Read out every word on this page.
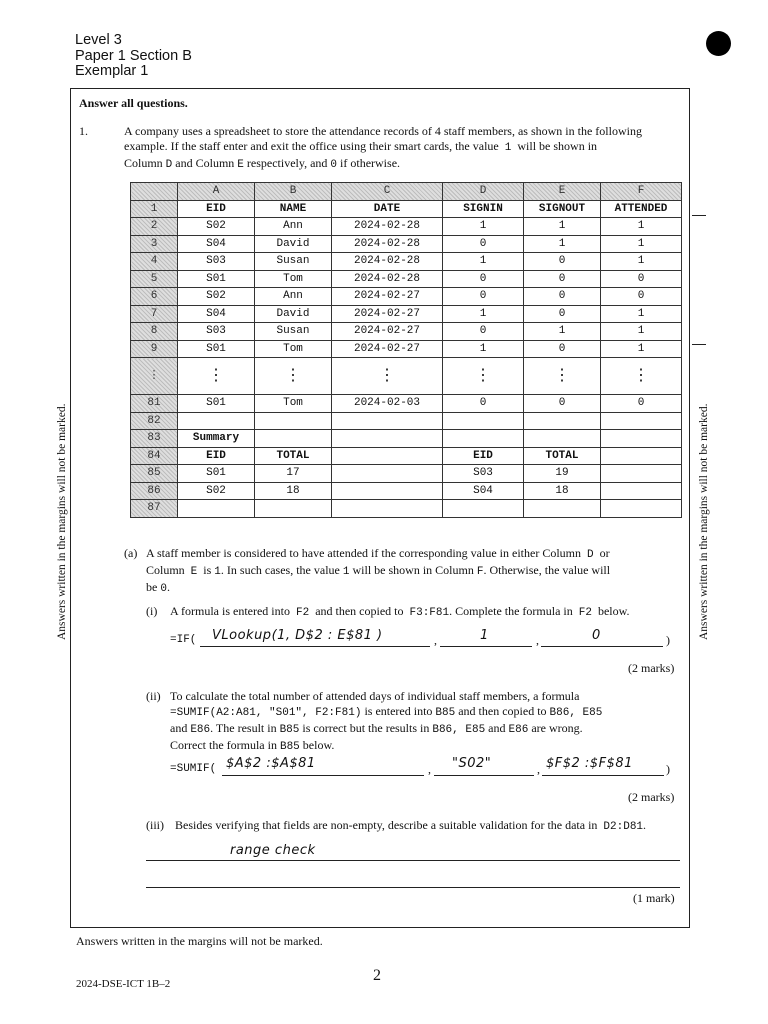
Level 3
Paper 1 Section B
Exemplar 1
Answer all questions.
1.	A company uses a spreadsheet to store the attendance records of 4 staff members, as shown in the following
example. If the staff enter and exit the office using their smart cards, the value 1 will be shown in
Column D and Column E respectively, and 0 if otherwise.
	A	B	C	D	E	F
1	EID	NAME	DATE	SIGNIN	SIGNOUT	ATTENDED
2	S02	Ann	2024-02-28	1	1	1
3	S04	David	2024-02-28	0	1	1
4	S03	Susan	2024-02-28	1	0	1
5	S01	Tom	2024-02-28	0	0	0
6	S02	Ann	2024-02-27	0	0	0
7	S04	David	2024-02-27	1	0	1
8	S03	Susan	2024-02-27	0	1	1
9	S01	Tom	2024-02-27	1	0	1
⋮	⋮	⋮	⋮	⋮	⋮	⋮
81	S01	Tom	2024-02-03	0	0	0
82						
83	Summary					
84	EID	TOTAL		EID	TOTAL	
85	S01	17		S03	19	
86	S02	18		S04	18	
87						
(a) A staff member is considered to have attended if the corresponding value in either Column D or
Column E is 1. In such cases, the value 1 will be shown in Column F. Otherwise, the value will
be 0.
(i) A formula is entered into F2 and then copied to F3:F81. Complete the formula in F2 below.
=IF( VLookup(1, D$2 : E$81 )	,	1	,	0	)
(2 marks)
(ii) To calculate the total number of attended days of individual staff members, a formula
=SUMIF(A2:A81, "S01", F2:F81) is entered into B85 and then copied to B86, E85
and E86. The result in B85 is correct but the results in B86, E85 and E86 are wrong.
Correct the formula in B85 below.
=SUMIF( $A$2 :$A$81	, "S02"	, $F$2 :$F$81	)
(2 marks)
(iii) Besides verifying that fields are non-empty, describe a suitable validation for the data in D2:D81.
range check
(1 mark)
Answers written in the margins will not be marked.
Answers written in the margins will not be marked.	Answers written in the margins will not be marked.
2024-DSE-ICT 1B–2	2
